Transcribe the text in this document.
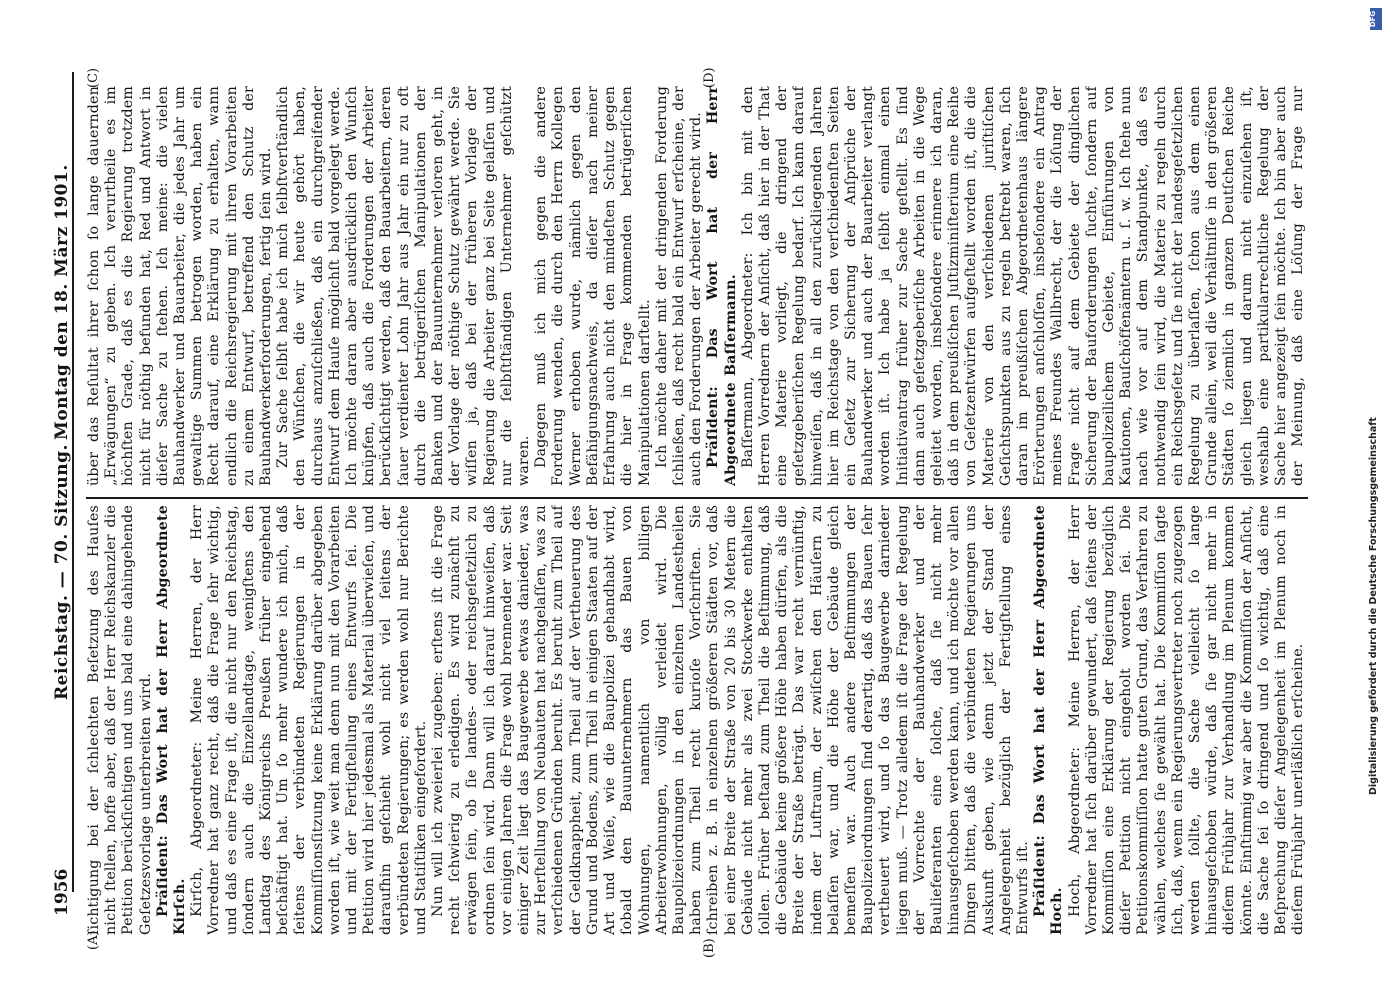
1956
Reichstag. — 70. Sitzung.
Montag den 18. März 1901.
(A)	(B)
(C)	(D)

ſichtigung bei der ſchlechten Beſetzung des Hauſes nicht ſtellen, hoffe aber, daß der Herr Reichskanzler die Petition berückſichtigen und uns bald eine dahingehende Geſetzesvorlage unterbreiten wird. Präſident: Das Wort hat der Herr Abgeordnete Kirſch. Kirſch, Abgeordneter: Meine Herren, der Herr Vorredner hat ganz recht, daß die Frage ſehr wichtig, und daß es eine Frage iſt, die nicht nur den Reichstag, ſondern auch die Einzellandtage, wenigſtens den Landtag des Königreichs Preußen früher eingehend beſchäftigt hat. Um ſo mehr wundere ich mich, daß ſeitens der verbündeten Regierungen in der Kommiſſionsſitzung keine Erklärung darüber abgegeben worden iſt, wie weit man denn nun mit den Vorarbeiten und mit der Fertigſtellung eines Entwurfs ſei. Die Petition wird hier jedesmal als Material überwieſen, und daraufhin geſchieht wohl nicht viel ſeitens der verbündeten Regierungen; es werden wohl nur Berichte und Statiſtiken eingefordert. Nun will ich zweierlei zugeben: erſtens iſt die Frage recht ſchwierig zu erledigen. Es wird zunächſt zu erwägen ſein, ob ſie landes- oder reichsgeſetzlich zu ordnen ſein wird. Dann will ich darauf hinweiſen, daß vor einigen Jahren die Frage wohl brennender war. Seit einiger Zeit liegt das Baugewerbe etwas danieder, was zur Herſtellung von Neubauten hat nachgelaſſen, was zu verſchiedenen Gründen beruht. Es beruht zum Theil auf der Geldknappheit, zum Theil auf der Vertheuerung des Grund und Bodens, zum Theil in einigen Staaten auf der Art und Weiſe, wie die Baupolizei gehandhabt wird, ſobald den Bauunternehmern das Bauen von Wohnungen, namentlich von billigen Arbeiterwohnungen, völlig verleidet wird. Die Baupolizeiordnungen in den einzelnen Landestheilen haben zum Theil recht kurioſe Vorſchriften. Sie ſchreiben z. B. in einzelnen größeren Städten vor, daß bei einer Breite der Straße von 20 bis 30 Metern die Gebäude nicht mehr als zwei Stockwerke enthalten ſollen. Früher beſtand zum Theil die Beſtimmung, daß die Gebäude keine größere Höhe haben dürfen, als die Breite der Straße beträgt. Das war recht vernünftig, indem der Luftraum, der zwiſchen den Häuſern zu belaſſen war, und die Höhe der Gebäude gleich bemeſſen war. Auch andere Beſtimmungen der Baupolizeiordnungen ſind derartig, daß das Bauen ſehr vertheuert wird, und ſo das Baugewerbe darnieder liegen muß. — Trotz alledem iſt die Frage der Regelung der Vorrechte der Bauhandwerker und der Baulieferanten eine ſolche, daß ſie nicht mehr hinausgeſchoben werden kann, und ich möchte vor allen Dingen bitten, daß die verbündeten Regierungen uns Auskunft geben, wie denn jetzt der Stand der Angelegenheit bezüglich der Fertigſtellung eines Entwurfs iſt. Präſident: Das Wort hat der Herr Abgeordnete Hoch. Hoch, Abgeordneter: Meine Herren, der Herr Vorredner hat ſich darüber gewundert, daß ſeitens der Kommiſſion eine Erklärung der Regierung bezüglich dieſer Petition nicht eingeholt worden ſei. Die Petitionskommiſſion hatte guten Grund, das Verfahren zu wählen, welches ſie gewählt hat. Die Kommiſſion ſagte ſich, daß, wenn ein Regierungsvertreter noch zugezogen werden ſollte, die Sache vielleicht ſo lange hinausgeſchoben würde, daß ſie gar nicht mehr in dieſem Frühjahr zur Verhandlung im Plenum kommen könnte. Einſtimmig war aber die Kommiſſion der Anſicht, die Sache ſei ſo dringend und ſo wichtig, daß eine Beſprechung dieſer Angelegenheit im Plenum noch in dieſem Frühjahr unerläßlich erſcheine.

über das Reſultat ihrer ſchon ſo lange dauernden „Erwägungen“ zu geben. Ich verurtheile es im höchſten Grade, daß es die Regierung trotzdem nicht für nöthig befunden hat, Red und Antwort in dieſer Sache zu ſtehen. Ich meine: die vielen Bauhandwerker und Bauarbeiter, die jedes Jahr um gewaltige Summen betrogen worden, haben ein Recht darauf, eine Erklärung zu erhalten, wann endlich die Reichsregierung mit ihren Vorarbeiten zu einem Entwurf, betreffend den Schutz der Bauhandwerkerforderungen, fertig ſein wird. Zur Sache ſelbſt habe ich mich ſelbſtverſtändlich den Wünſchen, die wir heute gehört haben, durchaus anzuſchließen, daß ein durchgreifender Entwurf dem Hauſe möglichſt bald vorgelegt werde. Ich möchte daran aber ausdrücklich den Wunſch knüpfen, daß auch die Forderungen der Arbeiter berückſichtigt werden, daß den Bauarbeitern, deren ſauer verdienter Lohn Jahr aus Jahr ein nur zu oft durch die betrügeriſchen Manipulationen der Banken und der Bauunternehmer verloren geht, in der Vorlage der nöthige Schutz gewährt werde. Sie wiſſen ja, daß bei der früheren Vorlage der Regierung die Arbeiter ganz bei Seite gelaſſen und nur die ſelbſtſtändigen Unternehmer geſchützt waren. Dagegen muß ich mich gegen die andere Forderung wenden, die durch den Herrn Kollegen Werner erhoben wurde, nämlich gegen den Befähigungsnachweis, da dieſer nach meiner Erfahrung auch nicht den mindeſten Schutz gegen die hier in Frage kommenden betrügeriſchen Manipulationen darſtellt. Ich möchte daher mit der dringenden Forderung ſchließen, daß recht bald ein Entwurf erſcheine, der auch den Forderungen der Arbeiter gerecht wird. Präſident: Das Wort hat der Herr Abgeordnete Baſſermann. Baſſermann, Abgeordneter: Ich bin mit den Herren Vorrednern der Anſicht, daß hier in der That eine Materie vorliegt, die dringend der geſetzgeberiſchen Regelung bedarf. Ich kann darauf hinweiſen, daß in all den zurückliegenden Jahren hier im Reichstage von den verſchiedenſten Seiten ein Geſetz zur Sicherung der Anſprüche der Bauhandwerker und auch der Bauarbeiter verlangt worden iſt. Ich habe ja ſelbſt einmal einen Initiativantrag früher zur Sache geſtellt. Es ſind dann auch geſetzgeberiſche Arbeiten in die Wege geleitet worden, insbeſondere erinnere ich daran, daß in dem preußiſchen Juſtizminiſterium eine Reihe von Geſetzentwürfen aufgeſtellt worden iſt, die die Materie von den verſchiedenen juriſtiſchen Geſichtspunkten aus zu regeln beſtrebt waren, ſich daran im preußiſchen Abgeordnetenhaus längere Erörterungen anſchloſſen, insbeſondere ein Antrag meines Freundes Wallbrecht, der die Löſung der Frage nicht auf dem Gebiete der dinglichen Sicherung der Bauforderungen ſuchte, ſondern auf baupolizeilichem Gebiete, Einführungen von Kautionen, Bauſchöffenämtern u. ſ. w. Ich ſtehe nun nach wie vor auf dem Standpunkte, daß es nothwendig ſein wird, die Materie zu regeln durch ein Reichsgeſetz und ſie nicht der landesgeſetzlichen Regelung zu überlaſſen, ſchon aus dem einen Grunde allein, weil die Verhältniſſe in den größeren Städten ſo ziemlich in ganzen Deutſchen Reiche gleich liegen und darum nicht einzuſehen iſt, weshalb eine partikularrechtliche Regelung der Sache hier angezeigt ſein möchte. Ich bin aber auch der Meinung, daß eine Löſung der Frage nur

Digitalisierung gefördert durch die Deutsche Forschungsgemeinschaft
DFG
